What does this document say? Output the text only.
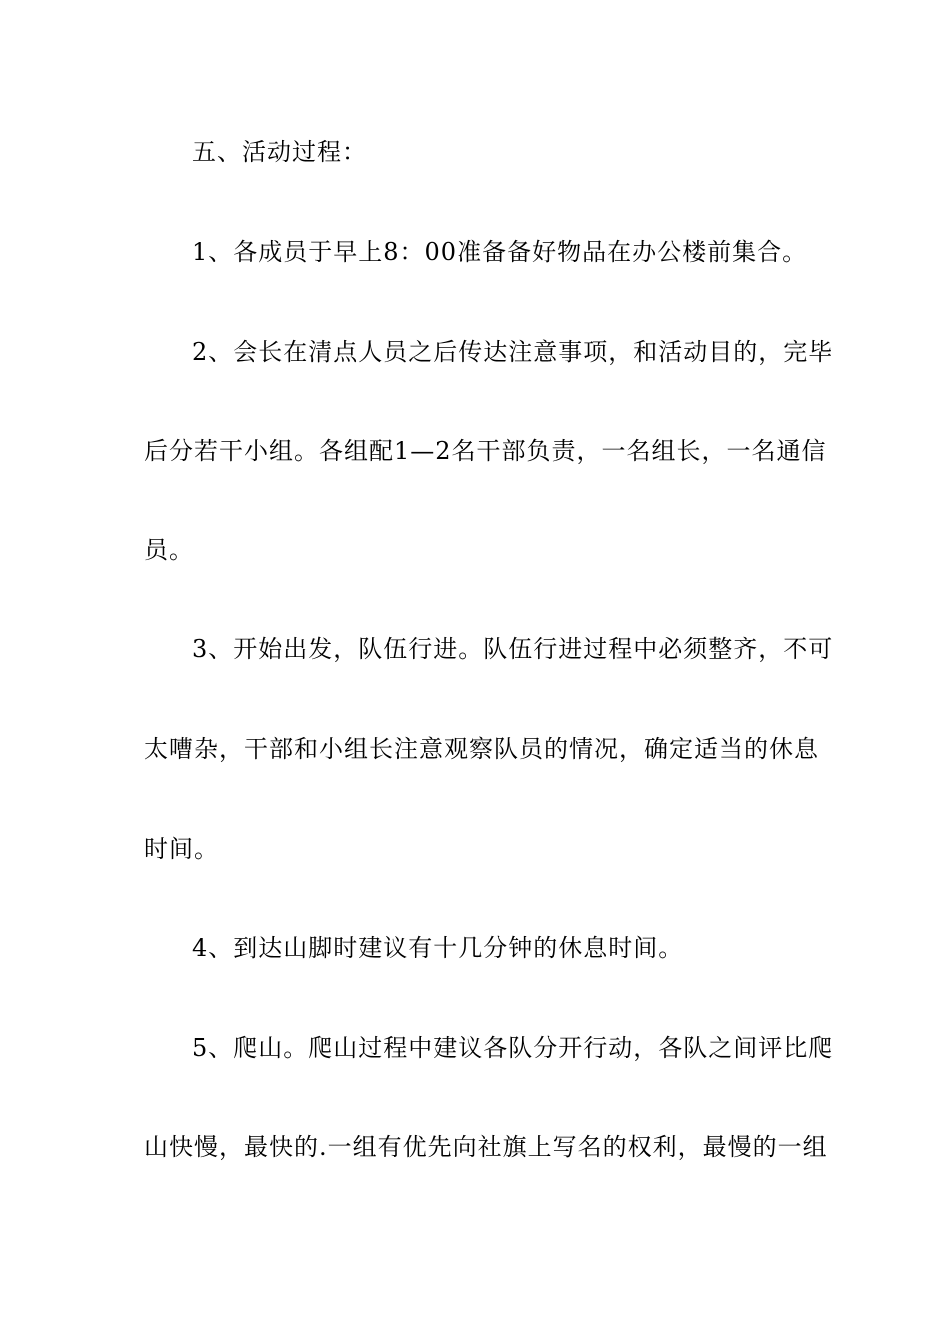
五、活动过程：
1、各成员于早上8：00准备备好物品在办公楼前集合。
2、会长在清点人员之后传达注意事项，和活动目的，完毕
后分若干小组。各组配1—2名干部负责，一名组长，一名通信
员。
3、开始出发，队伍行进。队伍行进过程中必须整齐，不可
太嘈杂，干部和小组长注意观察队员的情况，确定适当的休息
时间。
4、到达山脚时建议有十几分钟的休息时间。
5、爬山。爬山过程中建议各队分开行动，各队之间评比爬
山快慢，最快的.一组有优先向社旗上写名的权利，最慢的一组
